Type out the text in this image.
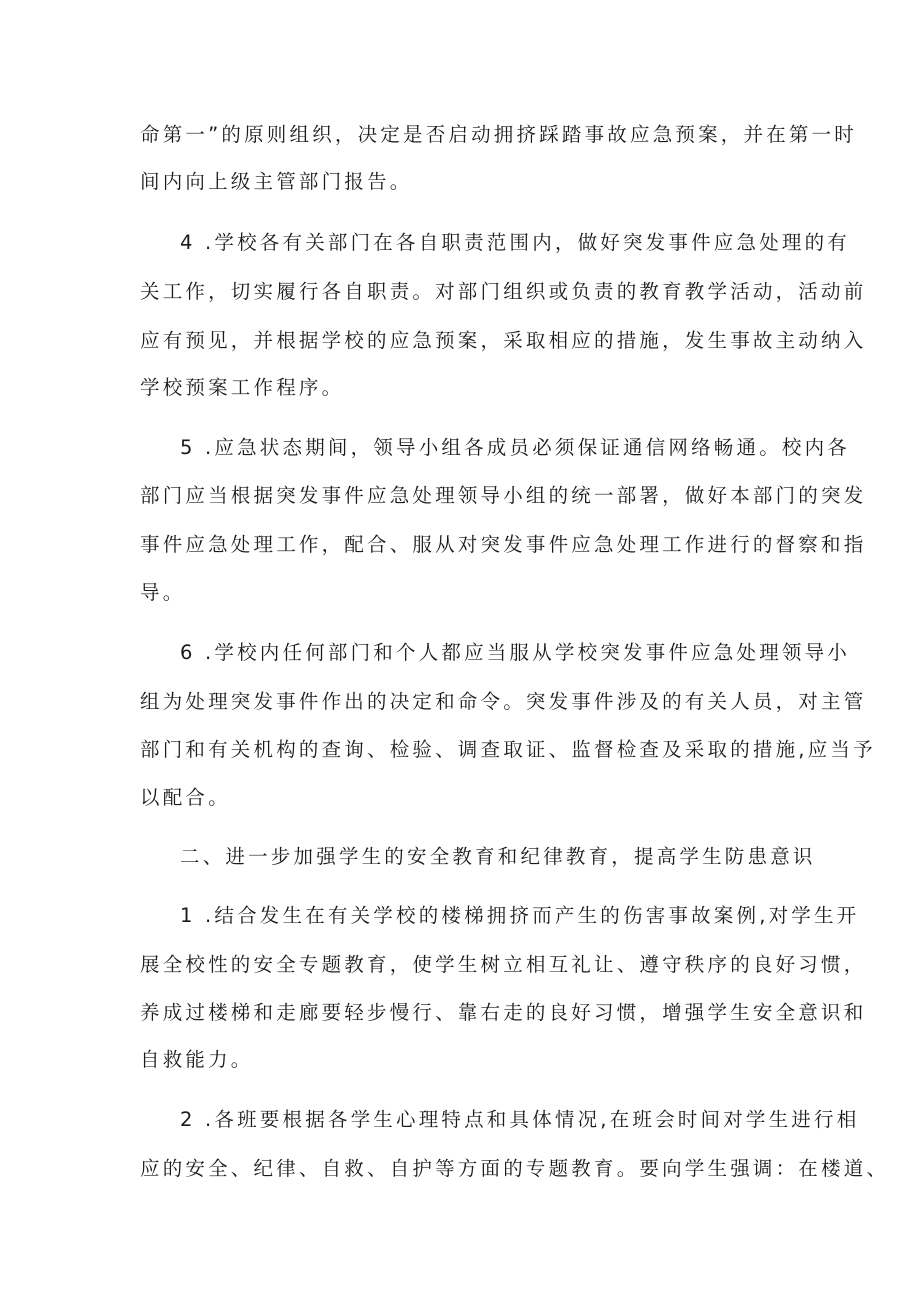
命第一”的原则组织，决定是否启动拥挤踩踏事故应急预案，并在第一时
间内向上级主管部门报告。
4 .学校各有关部门在各自职责范围内，做好突发事件应急处理的有
关工作，切实履行各自职责。对部门组织或负责的教育教学活动，活动前
应有预见，并根据学校的应急预案，采取相应的措施，发生事故主动纳入
学校预案工作程序。
5 .应急状态期间，领导小组各成员必须保证通信网络畅通。校内各
部门应当根据突发事件应急处理领导小组的统一部署，做好本部门的突发
事件应急处理工作，配合、服从对突发事件应急处理工作进行的督察和指
导。
6 .学校内任何部门和个人都应当服从学校突发事件应急处理领导小
组为处理突发事件作出的决定和命令。突发事件涉及的有关人员，对主管
部门和有关机构的查询、检验、调查取证、监督检查及采取的措施,应当予
以配合。
二、进一步加强学生的安全教育和纪律教育，提高学生防患意识
1 .结合发生在有关学校的楼梯拥挤而产生的伤害事故案例,对学生开
展全校性的安全专题教育，使学生树立相互礼让、遵守秩序的良好习惯，
养成过楼梯和走廊要轻步慢行、靠右走的良好习惯，增强学生安全意识和
自救能力。
2 .各班要根据各学生心理特点和具体情况,在班会时间对学生进行相
应的安全、纪律、自救、自护等方面的专题教育。要向学生强调：在楼道、
